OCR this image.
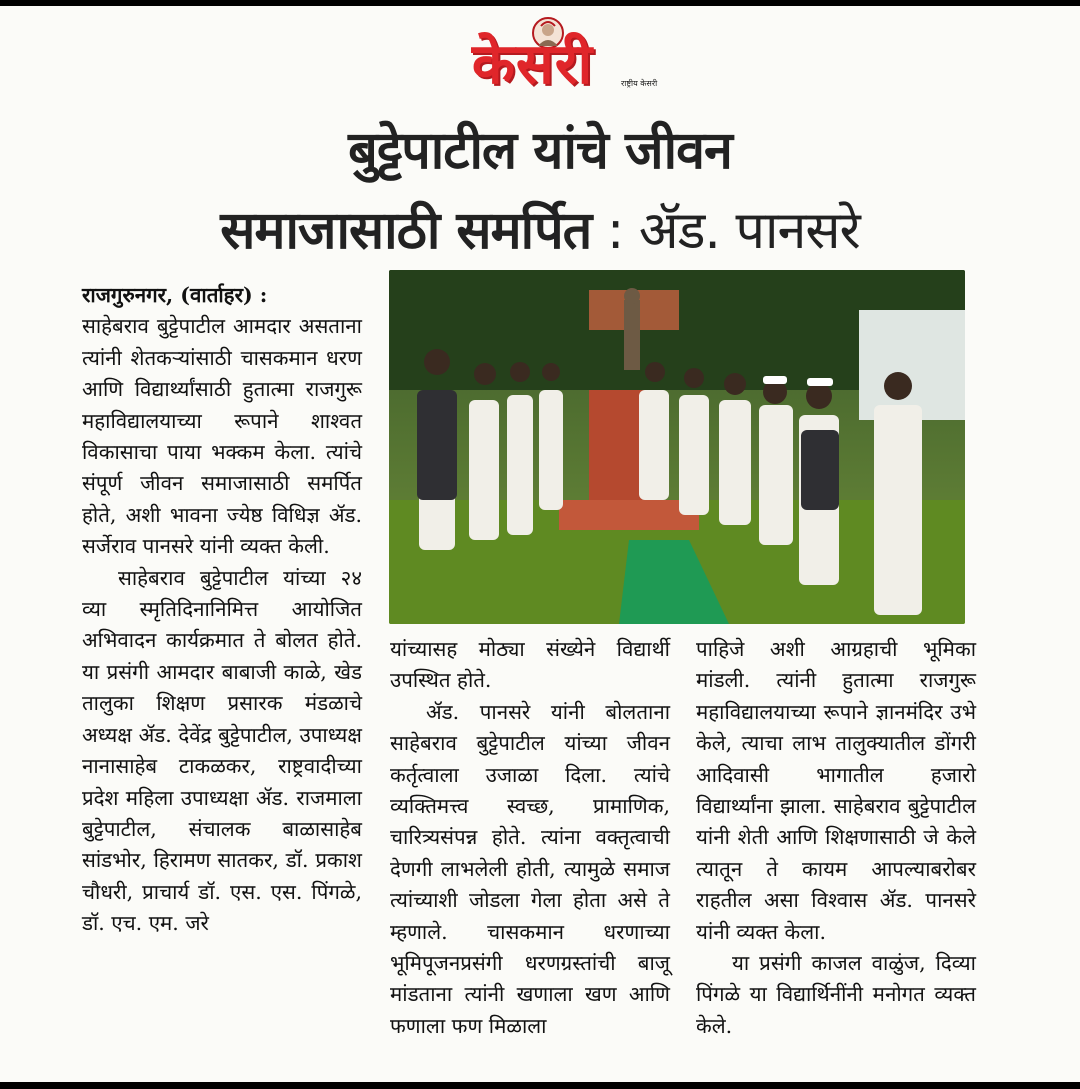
केसरी	राष्ट्रीय केसरी
बुट्टेपाटील यांचे जीवन
समाजासाठी समर्पित : ॲड. पानसरे

राजगुरुनगर, (वार्ताहर) :

साहेबराव बुट्टेपाटील आमदार असताना त्यांनी शेतकऱ्यांसाठी चासकमान धरण आणि विद्यार्थ्यांसाठी हुतात्मा राजगुरू महाविद्यालयाच्या रूपाने शाश्वत विकासाचा पाया भक्कम केला. त्यांचे संपूर्ण जीवन समाजासाठी समर्पित होते, अशी भावना ज्येष्ठ विधिज्ञ ॲड. सर्जेराव पानसरे यांनी व्यक्त केली.

साहेबराव बुट्टेपाटील यांच्या २४ व्या स्मृतिदिनानिमित्त आयोजित अभिवादन कार्यक्रमात ते बोलत होते. या प्रसंगी आमदार बाबाजी काळे, खेड तालुका शिक्षण प्रसारक मंडळाचे अध्यक्ष ॲड. देवेंद्र बुट्टेपाटील, उपाध्यक्ष नानासाहेब टाकळकर, राष्ट्रवादीच्या प्रदेश महिला उपाध्यक्षा ॲड. राजमाला बुट्टेपाटील, संचालक बाळासाहेब सांडभोर, हिरामण सातकर, डॉ. प्रकाश चौधरी, प्राचार्य डॉ. एस. एस. पिंगळे, डॉ. एच. एम. जरे

यांच्यासह मोठ्या संख्येने विद्यार्थी उपस्थित होते.

ॲड. पानसरे यांनी बोलताना साहेबराव बुट्टेपाटील यांच्या जीवन कर्तृत्वाला उजाळा दिला. त्यांचे व्यक्तिमत्त्व स्वच्छ, प्रामाणिक, चारित्र्यसंपन्न होते. त्यांना वक्तृत्वाची देणगी लाभलेली होती, त्यामुळे समाज त्यांच्याशी जोडला गेला होता असे ते म्हणाले. चासकमान धरणाच्या भूमिपूजनप्रसंगी धरणग्रस्तांची बाजू मांडताना त्यांनी खणाला खण आणि फणाला फण मिळाला

पाहिजे अशी आग्रहाची भूमिका मांडली. त्यांनी हुतात्मा राजगुरू महाविद्यालयाच्या रूपाने ज्ञानमंदिर उभे केले, त्याचा लाभ तालुक्यातील डोंगरी आदिवासी भागातील हजारो विद्यार्थ्यांना झाला. साहेबराव बुट्टेपाटील यांनी शेती आणि शिक्षणासाठी जे केले त्यातून ते कायम आपल्याबरोबर राहतील असा विश्वास ॲड. पानसरे यांनी व्यक्त केला.

या प्रसंगी काजल वाळुंज, दिव्या पिंगळे या विद्यार्थिनींनी मनोगत व्यक्त केले.
